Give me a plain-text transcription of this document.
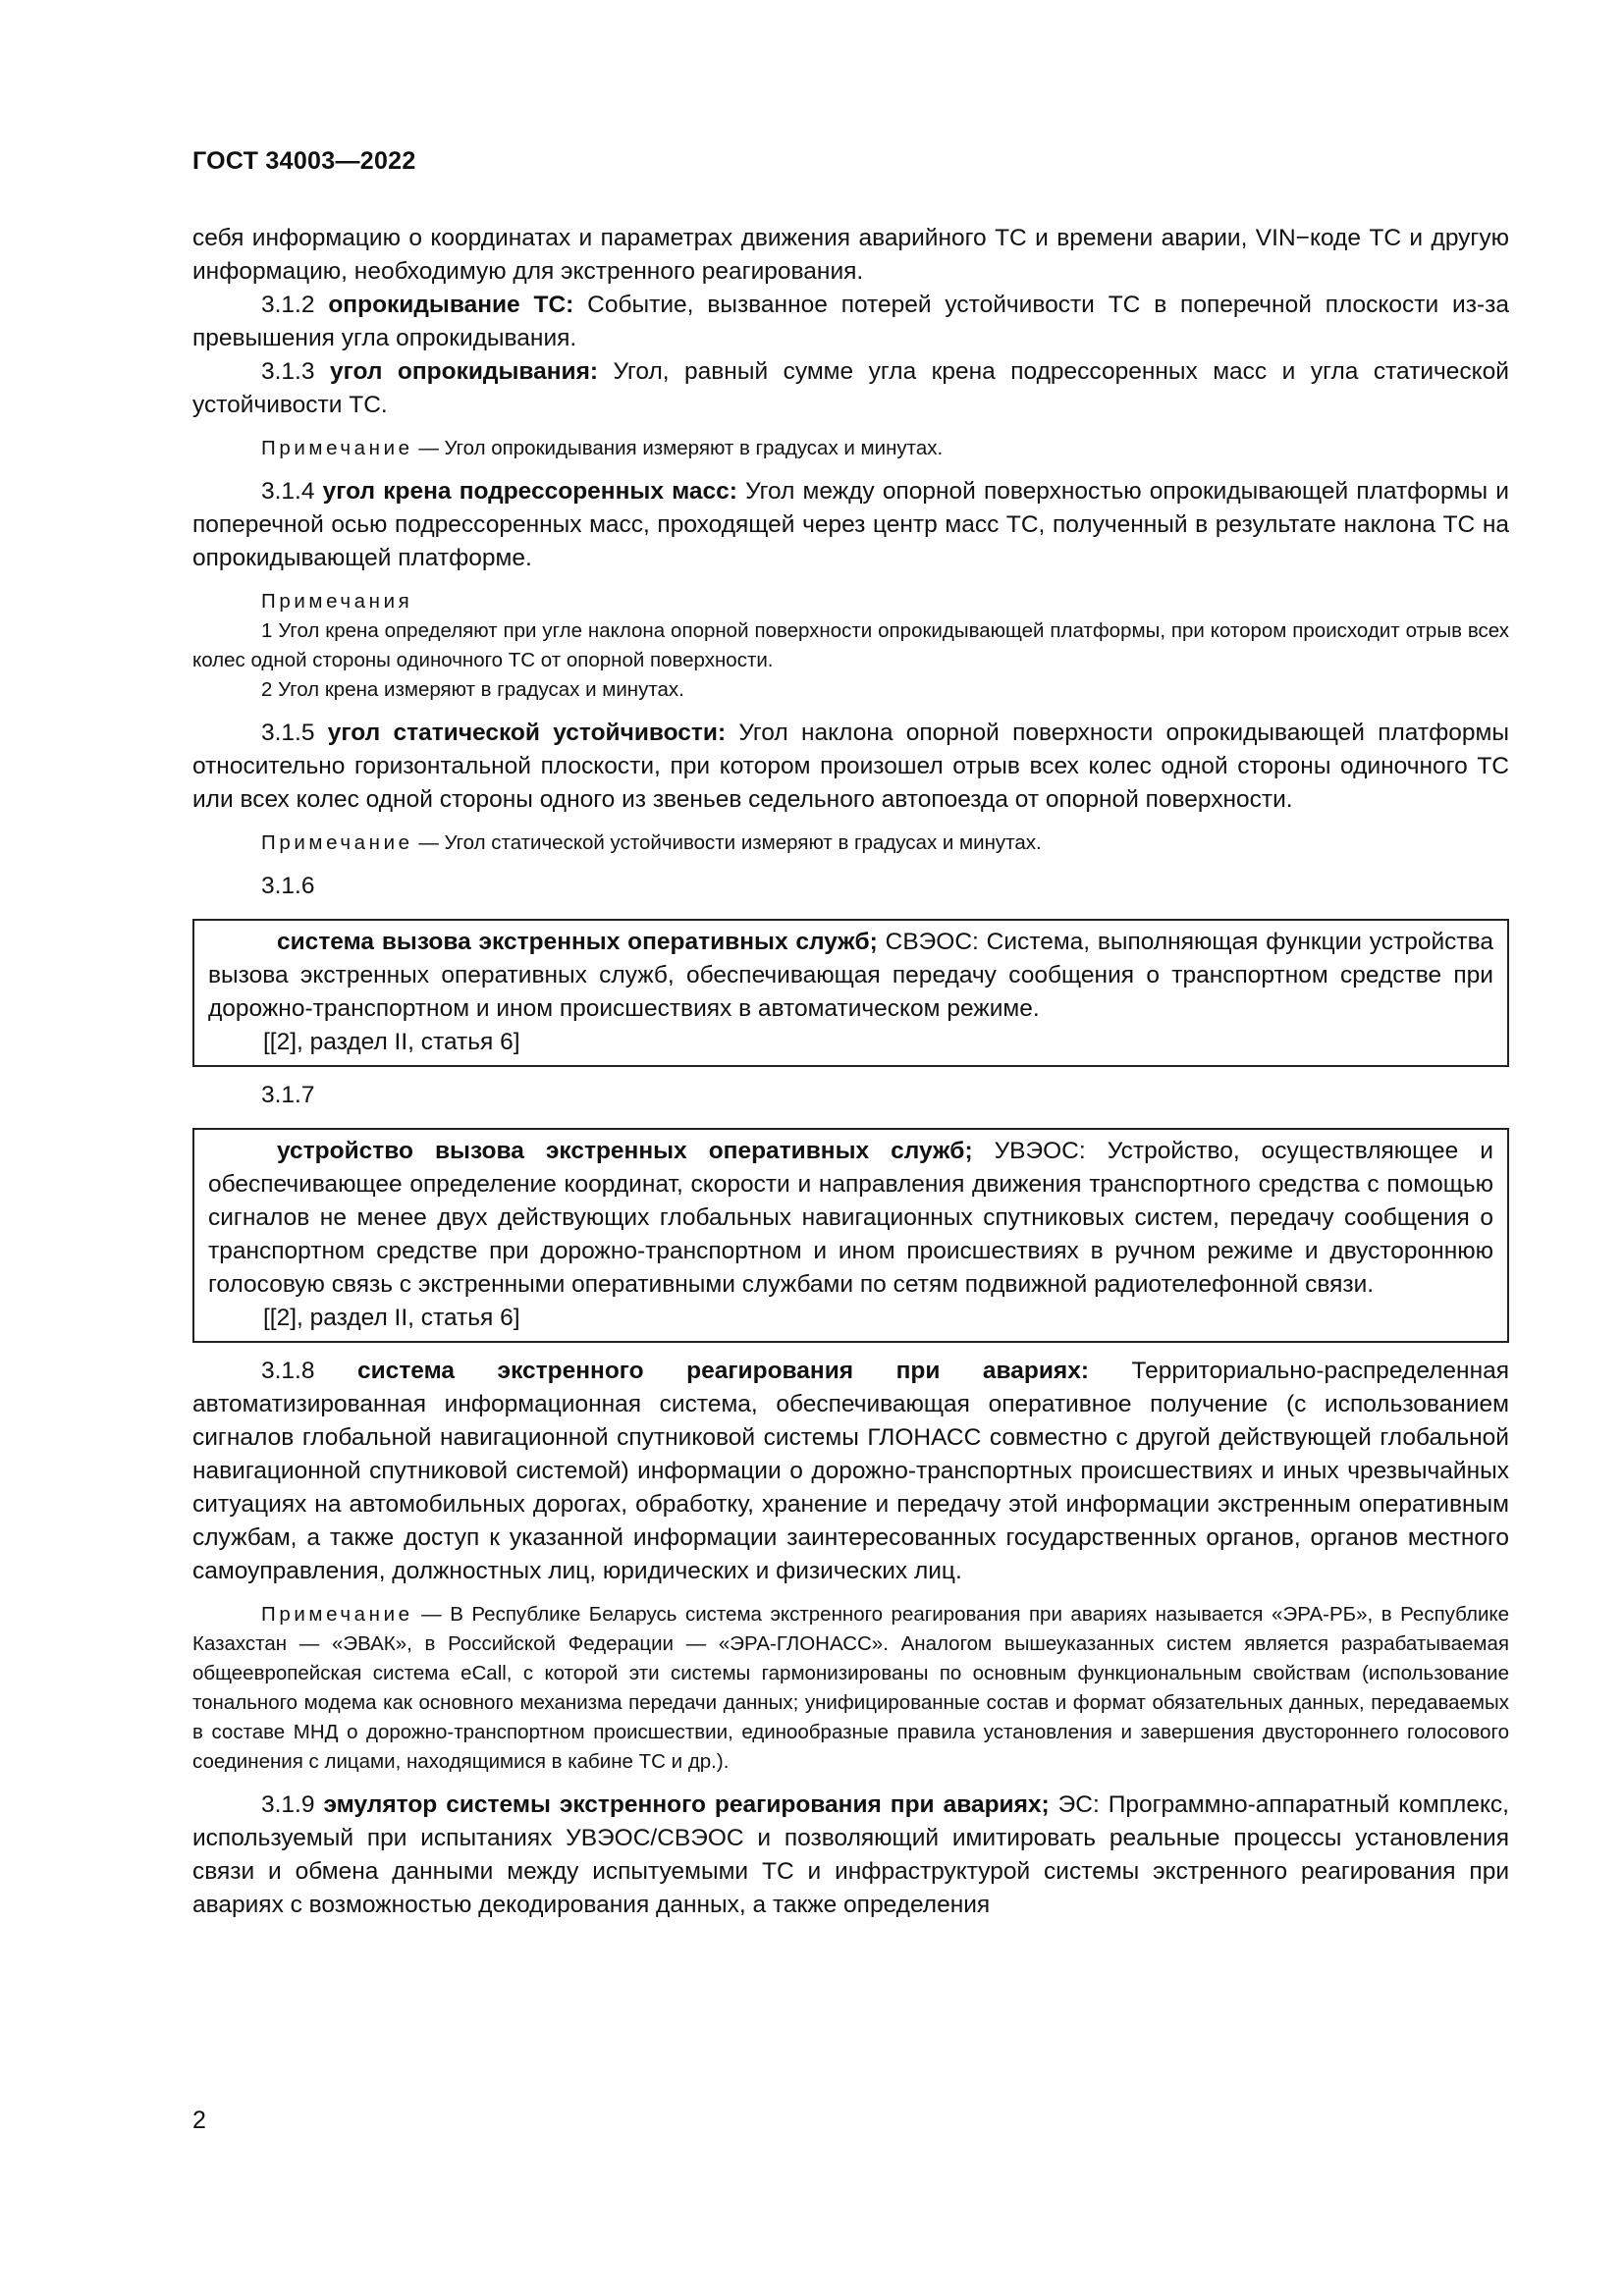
ГОСТ 34003—2022

себя информацию о координатах и параметрах движения аварийного ТС и времени аварии, VIN−коде ТС и другую информацию, необходимую для экстренного реагирования.

3.1.2 опрокидывание ТС: Событие, вызванное потерей устойчивости ТС в поперечной плоскости из-за превышения угла опрокидывания.

3.1.3 угол опрокидывания: Угол, равный сумме угла крена подрессоренных масс и угла статической устойчивости ТС.

Примечание — Угол опрокидывания измеряют в градусах и минутах.

3.1.4 угол крена подрессоренных масс: Угол между опорной поверхностью опрокидывающей платформы и поперечной осью подрессоренных масс, проходящей через центр масс ТС, полученный в результате наклона ТС на опрокидывающей платформе.

Примечания

1 Угол крена определяют при угле наклона опорной поверхности опрокидывающей платформы, при котором происходит отрыв всех колес одной стороны одиночного ТС от опорной поверхности.

2 Угол крена измеряют в градусах и минутах.

3.1.5 угол статической устойчивости: Угол наклона опорной поверхности опрокидывающей платформы относительно горизонтальной плоскости, при котором произошел отрыв всех колес одной стороны одиночного ТС или всех колес одной стороны одного из звеньев седельного автопоезда от опорной поверхности.

Примечание — Угол статической устойчивости измеряют в градусах и минутах.

3.1.6

система вызова экстренных оперативных служб; СВЭОС: Система, выполняющая функции устройства вызова экстренных оперативных служб, обеспечивающая передачу сообщения о транспортном средстве при дорожно-транспортном и ином происшествиях в автоматическом режиме.

[[2], раздел II, статья 6]

3.1.7

устройство вызова экстренных оперативных служб; УВЭОС: Устройство, осуществляющее и обеспечивающее определение координат, скорости и направления движения транспортного средства с помощью сигналов не менее двух действующих глобальных навигационных спутниковых систем, передачу сообщения о транспортном средстве при дорожно-транспортном и ином происшествиях в ручном режиме и двустороннюю голосовую связь с экстренными оперативными службами по сетям подвижной радиотелефонной связи.

[[2], раздел II, статья 6]

3.1.8 система экстренного реагирования при авариях: Территориально-распределенная автоматизированная информационная система, обеспечивающая оперативное получение (с использованием сигналов глобальной навигационной спутниковой системы ГЛОНАСС совместно с другой действующей глобальной навигационной спутниковой системой) информации о дорожно-транспортных происшествиях и иных чрезвычайных ситуациях на автомобильных дорогах, обработку, хранение и передачу этой информации экстренным оперативным службам, а также доступ к указанной информации заинтересованных государственных органов, органов местного самоуправления, должностных лиц, юридических и физических лиц.

Примечание — В Республике Беларусь система экстренного реагирования при авариях называется «ЭРА-РБ», в Республике Казахстан — «ЭВАК», в Российской Федерации — «ЭРА-ГЛОНАСС». Аналогом вышеуказанных систем является разрабатываемая общеевропейская система eCall, с которой эти системы гармонизированы по основным функциональным свойствам (использование тонального модема как основного механизма передачи данных; унифицированные состав и формат обязательных данных, передаваемых в составе МНД о дорожно-транспортном происшествии, единообразные правила установления и завершения двустороннего голосового соединения с лицами, находящимися в кабине ТС и др.).

3.1.9 эмулятор системы экстренного реагирования при авариях; ЭС: Программно-аппаратный комплекс, используемый при испытаниях УВЭОС/СВЭОС и позволяющий имитировать реальные процессы установления связи и обмена данными между испытуемыми ТС и инфраструктурой системы экстренного реагирования при авариях с возможностью декодирования данных, а также определения

2
